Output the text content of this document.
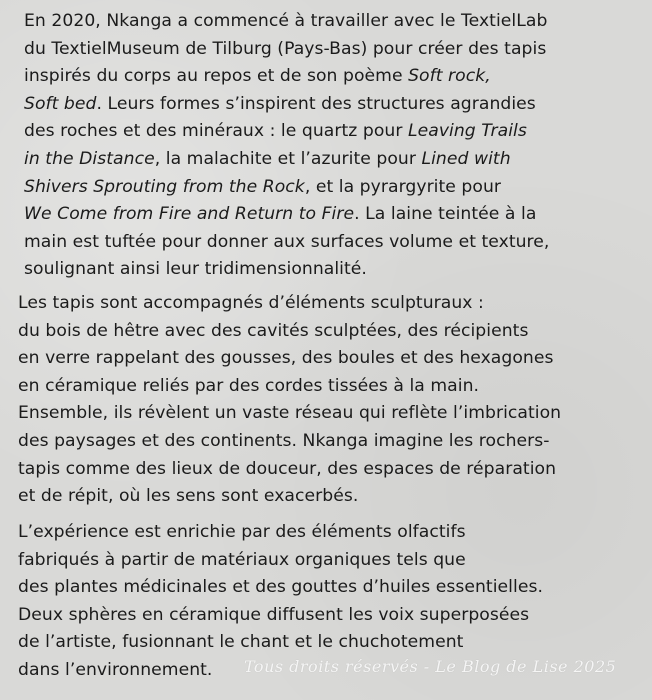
En 2020, Nkanga a commencé à travailler avec le TextielLab
du TextielMuseum de Tilburg (Pays-Bas) pour créer des tapis
inspirés du corps au repos et de son poème Soft rock,
Soft bed. Leurs formes s’inspirent des structures agrandies
des roches et des minéraux : le quartz pour Leaving Trails
in the Distance, la malachite et l’azurite pour Lined with
Shivers Sprouting from the Rock, et la pyrargyrite pour
We Come from Fire and Return to Fire. La laine teintée à la
main est tuftée pour donner aux surfaces volume et texture,
soulignant ainsi leur tridimensionnalité.
Les tapis sont accompagnés d’éléments sculpturaux :
du bois de hêtre avec des cavités sculptées, des récipients
en verre rappelant des gousses, des boules et des hexagones
en céramique reliés par des cordes tissées à la main.
Ensemble, ils révèlent un vaste réseau qui reflète l’imbrication
des paysages et des continents. Nkanga imagine les rochers-
tapis comme des lieux de douceur, des espaces de réparation
et de répit, où les sens sont exacerbés.
L’expérience est enrichie par des éléments olfactifs
fabriqués à partir de matériaux organiques tels que
des plantes médicinales et des gouttes d’huiles essentielles.
Deux sphères en céramique diffusent les voix superposées
de l’artiste, fusionnant le chant et le chuchotement
dans l’environnement.	Tous droits réservés - Le Blog de Lise 2025
